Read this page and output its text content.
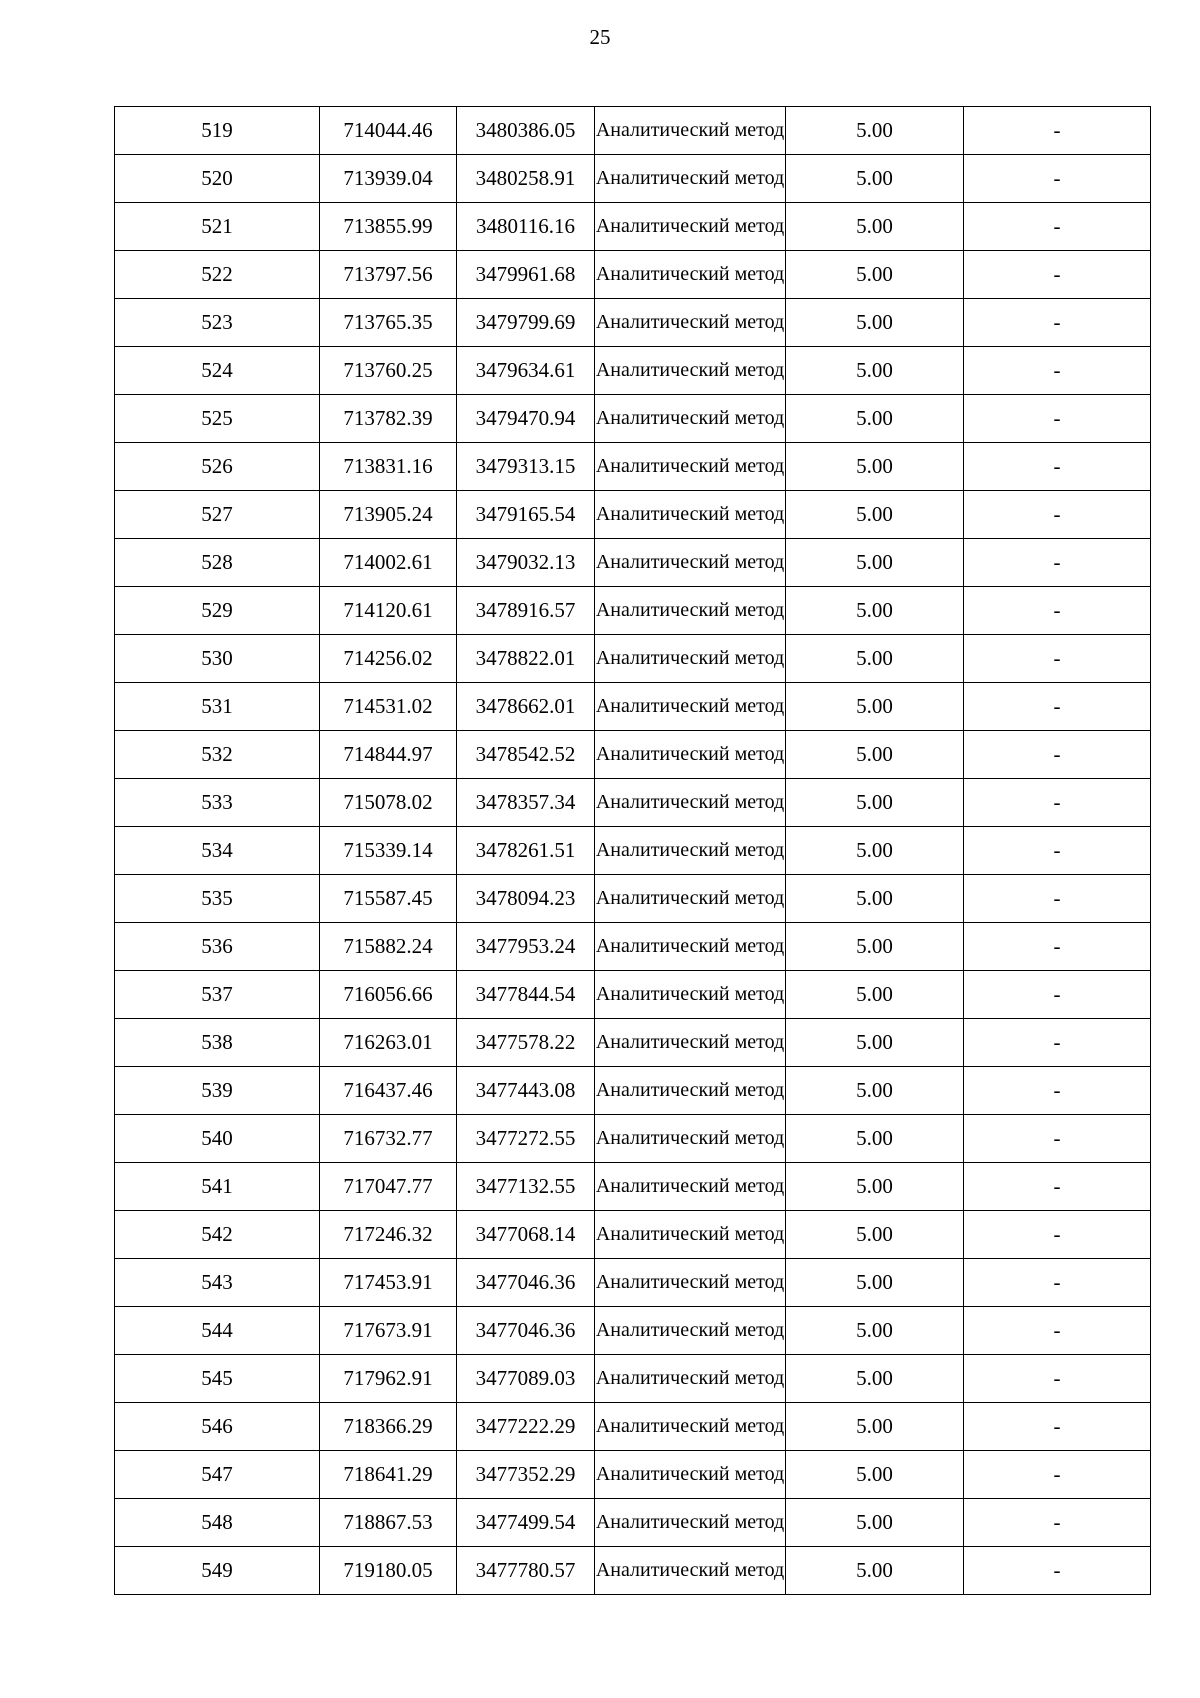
25
519	714044.46	3480386.05	Аналитический метод	5.00	-
520	713939.04	3480258.91	Аналитический метод	5.00	-
521	713855.99	3480116.16	Аналитический метод	5.00	-
522	713797.56	3479961.68	Аналитический метод	5.00	-
523	713765.35	3479799.69	Аналитический метод	5.00	-
524	713760.25	3479634.61	Аналитический метод	5.00	-
525	713782.39	3479470.94	Аналитический метод	5.00	-
526	713831.16	3479313.15	Аналитический метод	5.00	-
527	713905.24	3479165.54	Аналитический метод	5.00	-
528	714002.61	3479032.13	Аналитический метод	5.00	-
529	714120.61	3478916.57	Аналитический метод	5.00	-
530	714256.02	3478822.01	Аналитический метод	5.00	-
531	714531.02	3478662.01	Аналитический метод	5.00	-
532	714844.97	3478542.52	Аналитический метод	5.00	-
533	715078.02	3478357.34	Аналитический метод	5.00	-
534	715339.14	3478261.51	Аналитический метод	5.00	-
535	715587.45	3478094.23	Аналитический метод	5.00	-
536	715882.24	3477953.24	Аналитический метод	5.00	-
537	716056.66	3477844.54	Аналитический метод	5.00	-
538	716263.01	3477578.22	Аналитический метод	5.00	-
539	716437.46	3477443.08	Аналитический метод	5.00	-
540	716732.77	3477272.55	Аналитический метод	5.00	-
541	717047.77	3477132.55	Аналитический метод	5.00	-
542	717246.32	3477068.14	Аналитический метод	5.00	-
543	717453.91	3477046.36	Аналитический метод	5.00	-
544	717673.91	3477046.36	Аналитический метод	5.00	-
545	717962.91	3477089.03	Аналитический метод	5.00	-
546	718366.29	3477222.29	Аналитический метод	5.00	-
547	718641.29	3477352.29	Аналитический метод	5.00	-
548	718867.53	3477499.54	Аналитический метод	5.00	-
549	719180.05	3477780.57	Аналитический метод	5.00	-
